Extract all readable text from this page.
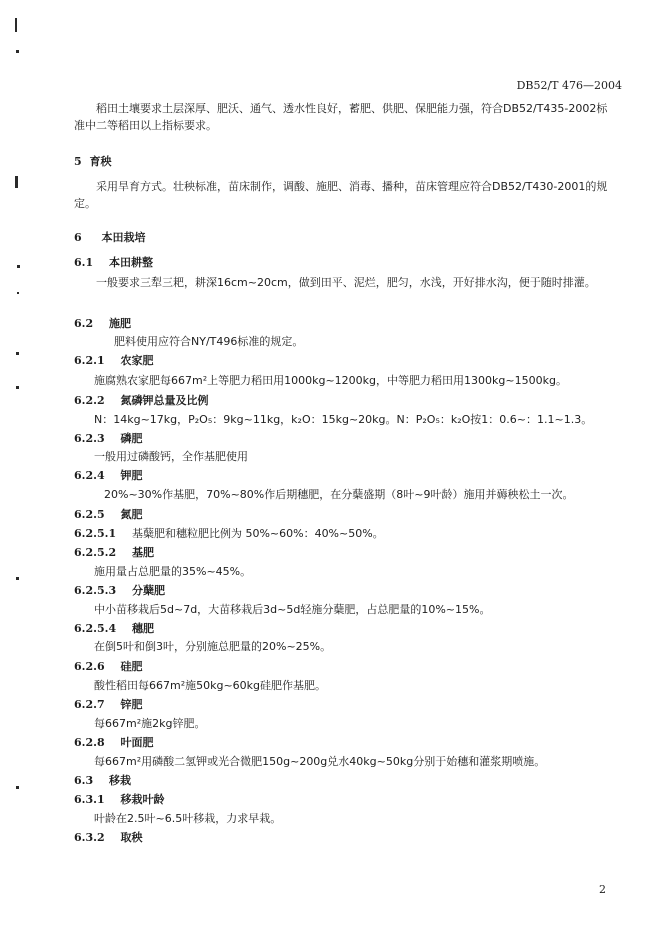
DB52/T 476—2004
稻田土壤要求土层深厚、肥沃、通气、透水性良好，蓄肥、供肥、保肥能力强，符合DB52/T435-2002标准中二等稻田以上指标要求。
5 育秧
采用旱育方式。壮秧标准，苗床制作，调酸、施肥、消毒、播种，苗床管理应符合DB52/T430-2001的规定。
6 本田栽培
6.1 本田耕整
一般要求三犁三耙，耕深16cm~20cm，做到田平、泥烂，肥匀，水浅，开好排水沟，便于随时排灌。
6.2 施肥
肥料使用应符合NY/T496标准的规定。
6.2.1 农家肥
施腐熟农家肥每667m²上等肥力稻田用1000kg~1200kg，中等肥力稻田用1300kg~1500kg。
6.2.2 氮磷钾总量及比例
N：14kg~17kg，P₂O₅：9kg~11kg，k₂O：15kg~20kg。N：P₂O₅：k₂O按1：0.6~：1.1~1.3。
6.2.3 磷肥
一般用过磷酸钙，全作基肥使用
6.2.4 钾肥
20%~30%作基肥，70%~80%作后期穗肥，在分蘖盛期（8叶~9叶龄）施用并薅秧松土一次。
6.2.5 氮肥
6.2.5.1 基蘖肥和穗粒肥比例为 50%~60%：40%~50%。
6.2.5.2 基肥
施用量占总肥量的35%~45%。
6.2.5.3 分蘖肥
中小苗移栽后5d~7d，大苗移栽后3d~5d轻施分蘖肥，占总肥量的10%~15%。
6.2.5.4 穗肥
在倒5叶和倒3叶，分别施总肥量的20%~25%。
6.2.6 硅肥
酸性稻田每667m²施50kg~60kg硅肥作基肥。
6.2.7 锌肥
每667m²施2kg锌肥。
6.2.8 叶面肥
每667m²用磷酸二氢钾或光合微肥150g~200g兑水40kg~50kg分别于始穗和灌浆期喷施。
6.3 移栽
6.3.1 移栽叶龄
叶龄在2.5叶~6.5叶移栽，力求早栽。
6.3.2 取秧
2
